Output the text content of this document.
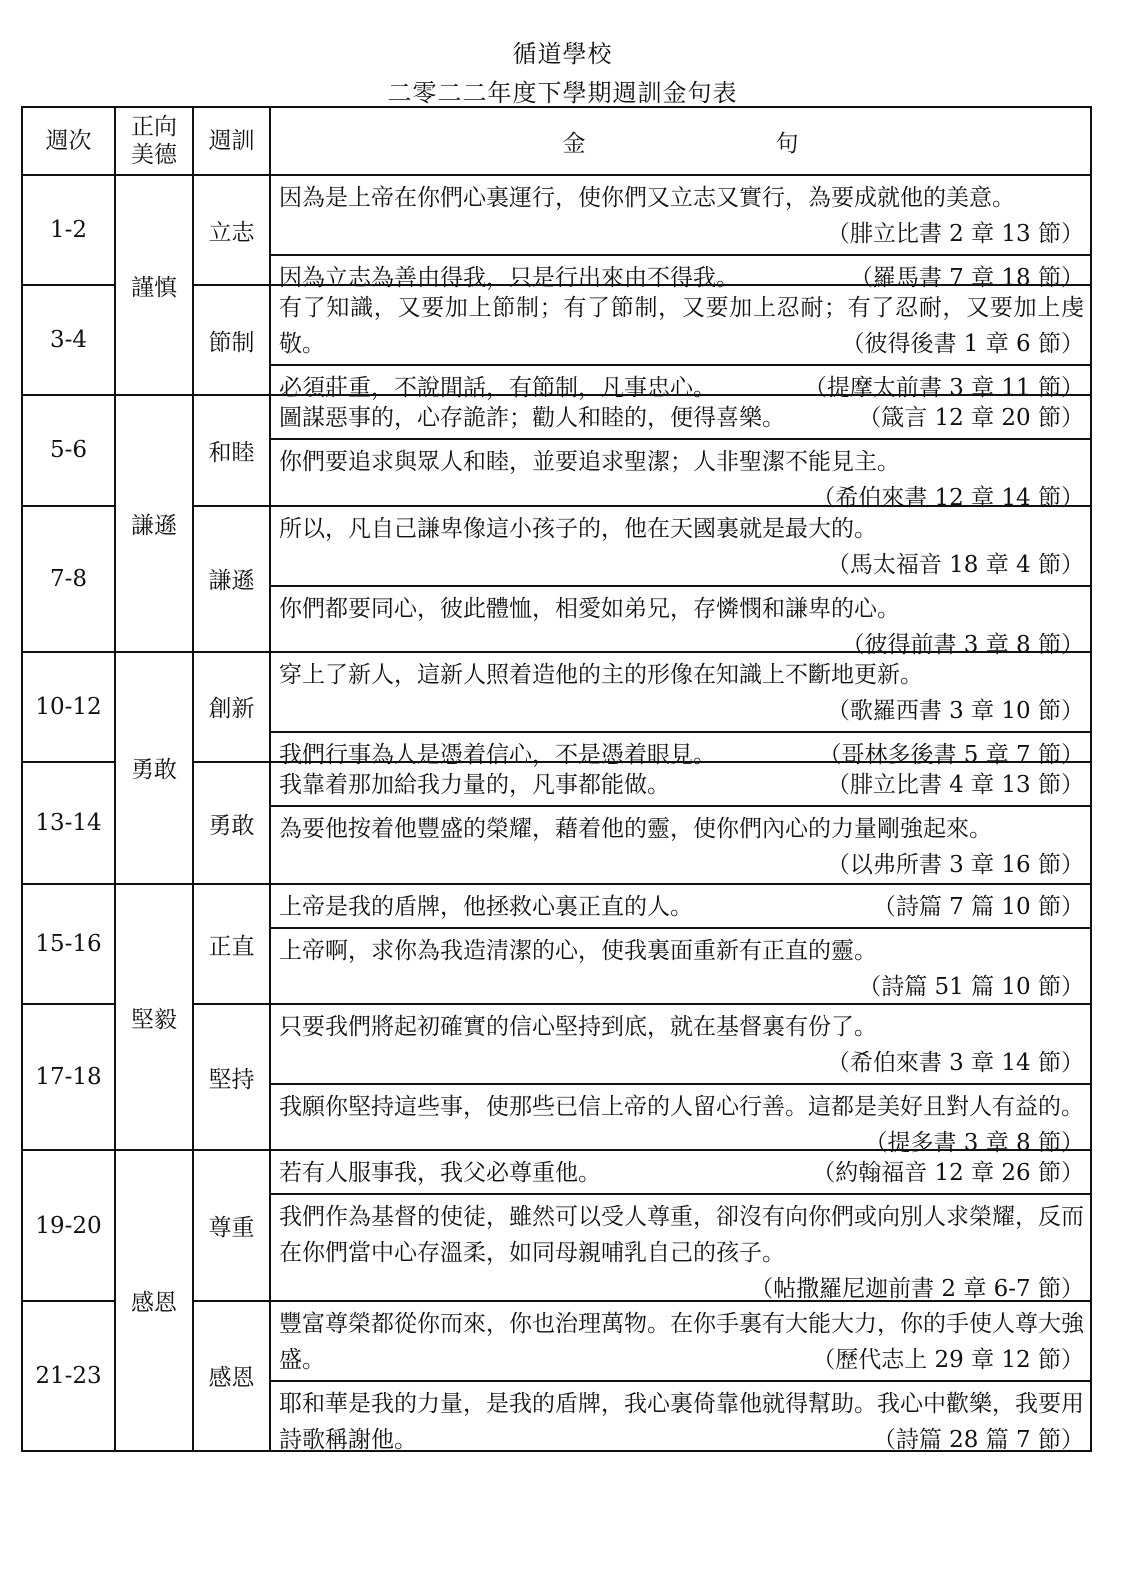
循道學校
二零二二年度下學期週訓金句表
週次	正向美德	週訓	金 句
1-2	謹慎	立志	因為是上帝在你們心裏運行，使你們又立志又實行，為要成就他的美意。
（腓立比書 2 章 13 節）
因為立志為善由得我，只是行出來由不得我。 （羅馬書 7 章 18 節）

3-4		節制	有了知識，又要加上節制；有了節制，又要加上忍耐；有了忍耐，又要加上虔敬。 （彼得後書 1 章 6 節）
必須莊重，不說閒話，有節制，凡事忠心。 （提摩太前書 3 章 11 節）

5-6	謙遜	和睦	圖謀惡事的，心存詭詐；勸人和睦的，便得喜樂。 （箴言 12 章 20 節）
你們要追求與眾人和睦，並要追求聖潔；人非聖潔不能見主。
（希伯來書 12 章 14 節）

7-8		謙遜	所以，凡自己謙卑像這小孩子的，他在天國裏就是最大的。
（馬太福音 18 章 4 節）
你們都要同心，彼此體恤，相愛如弟兄，存憐憫和謙卑的心。
（彼得前書 3 章 8 節）

10-12	勇敢	創新	穿上了新人，這新人照着造他的主的形像在知識上不斷地更新。
（歌羅西書 3 章 10 節）
我們行事為人是憑着信心，不是憑着眼見。 （哥林多後書 5 章 7 節）

13-14		勇敢	我靠着那加給我力量的，凡事都能做。 （腓立比書 4 章 13 節）
為要他按着他豐盛的榮耀，藉着他的靈，使你們內心的力量剛強起來。
（以弗所書 3 章 16 節）

15-16	堅毅	正直	上帝是我的盾牌，他拯救心裏正直的人。 （詩篇 7 篇 10 節）
上帝啊，求你為我造清潔的心，使我裏面重新有正直的靈。
（詩篇 51 篇 10 節）

17-18		堅持	只要我們將起初確實的信心堅持到底，就在基督裏有份了。
（希伯來書 3 章 14 節）
我願你堅持這些事，使那些已信上帝的人留心行善。這都是美好且對人有益的。
（提多書 3 章 8 節）

19-20	感恩	尊重	若有人服事我，我父必尊重他。 （約翰福音 12 章 26 節）
我們作為基督的使徒，雖然可以受人尊重，卻沒有向你們或向別人求榮耀，反而在你們當中心存溫柔，如同母親哺乳自己的孩子。
（帖撒羅尼迦前書 2 章 6-7 節）

21-23		感恩	豐富尊榮都從你而來，你也治理萬物。在你手裏有大能大力，你的手使人尊大強盛。 （歷代志上 29 章 12 節）
耶和華是我的力量，是我的盾牌，我心裏倚靠他就得幫助。我心中歡樂，我要用詩歌稱謝他。 （詩篇 28 篇 7 節）
